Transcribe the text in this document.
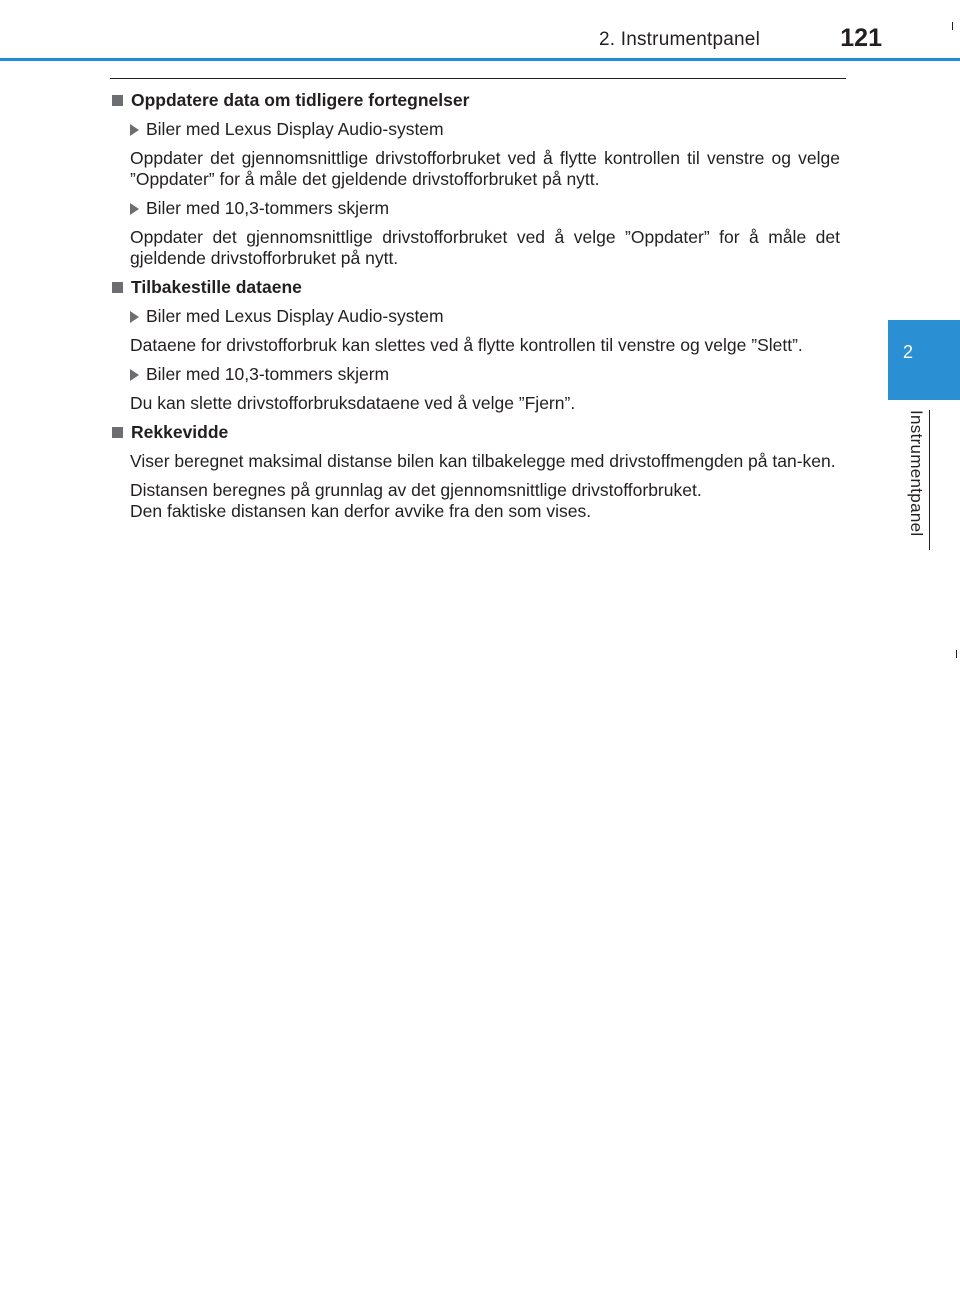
2. Instrumentpanel	121
2
Instrumentpanel
Oppdatere data om tidligere fortegnelser
Biler med Lexus Display Audio-system
Oppdater det gjennomsnittlige drivstofforbruket ved å flytte kontrollen til venstre og velge ”Oppdater” for å måle det gjeldende drivstofforbruket på nytt.
Biler med 10,3-tommers skjerm
Oppdater det gjennomsnittlige drivstofforbruket ved å velge ”Oppdater” for å måle det gjeldende drivstofforbruket på nytt.
Tilbakestille dataene
Biler med Lexus Display Audio-system
Dataene for drivstofforbruk kan slettes ved å flytte kontrollen til venstre og velge ”Slett”.
Biler med 10,3-tommers skjerm
Du kan slette drivstofforbruksdataene ved å velge ”Fjern”.
Rekkevidde
Viser beregnet maksimal distanse bilen kan tilbakelegge med drivstoffmengden på tan-ken.
Distansen beregnes på grunnlag av det gjennomsnittlige drivstofforbruket.
Den faktiske distansen kan derfor avvike fra den som vises.
